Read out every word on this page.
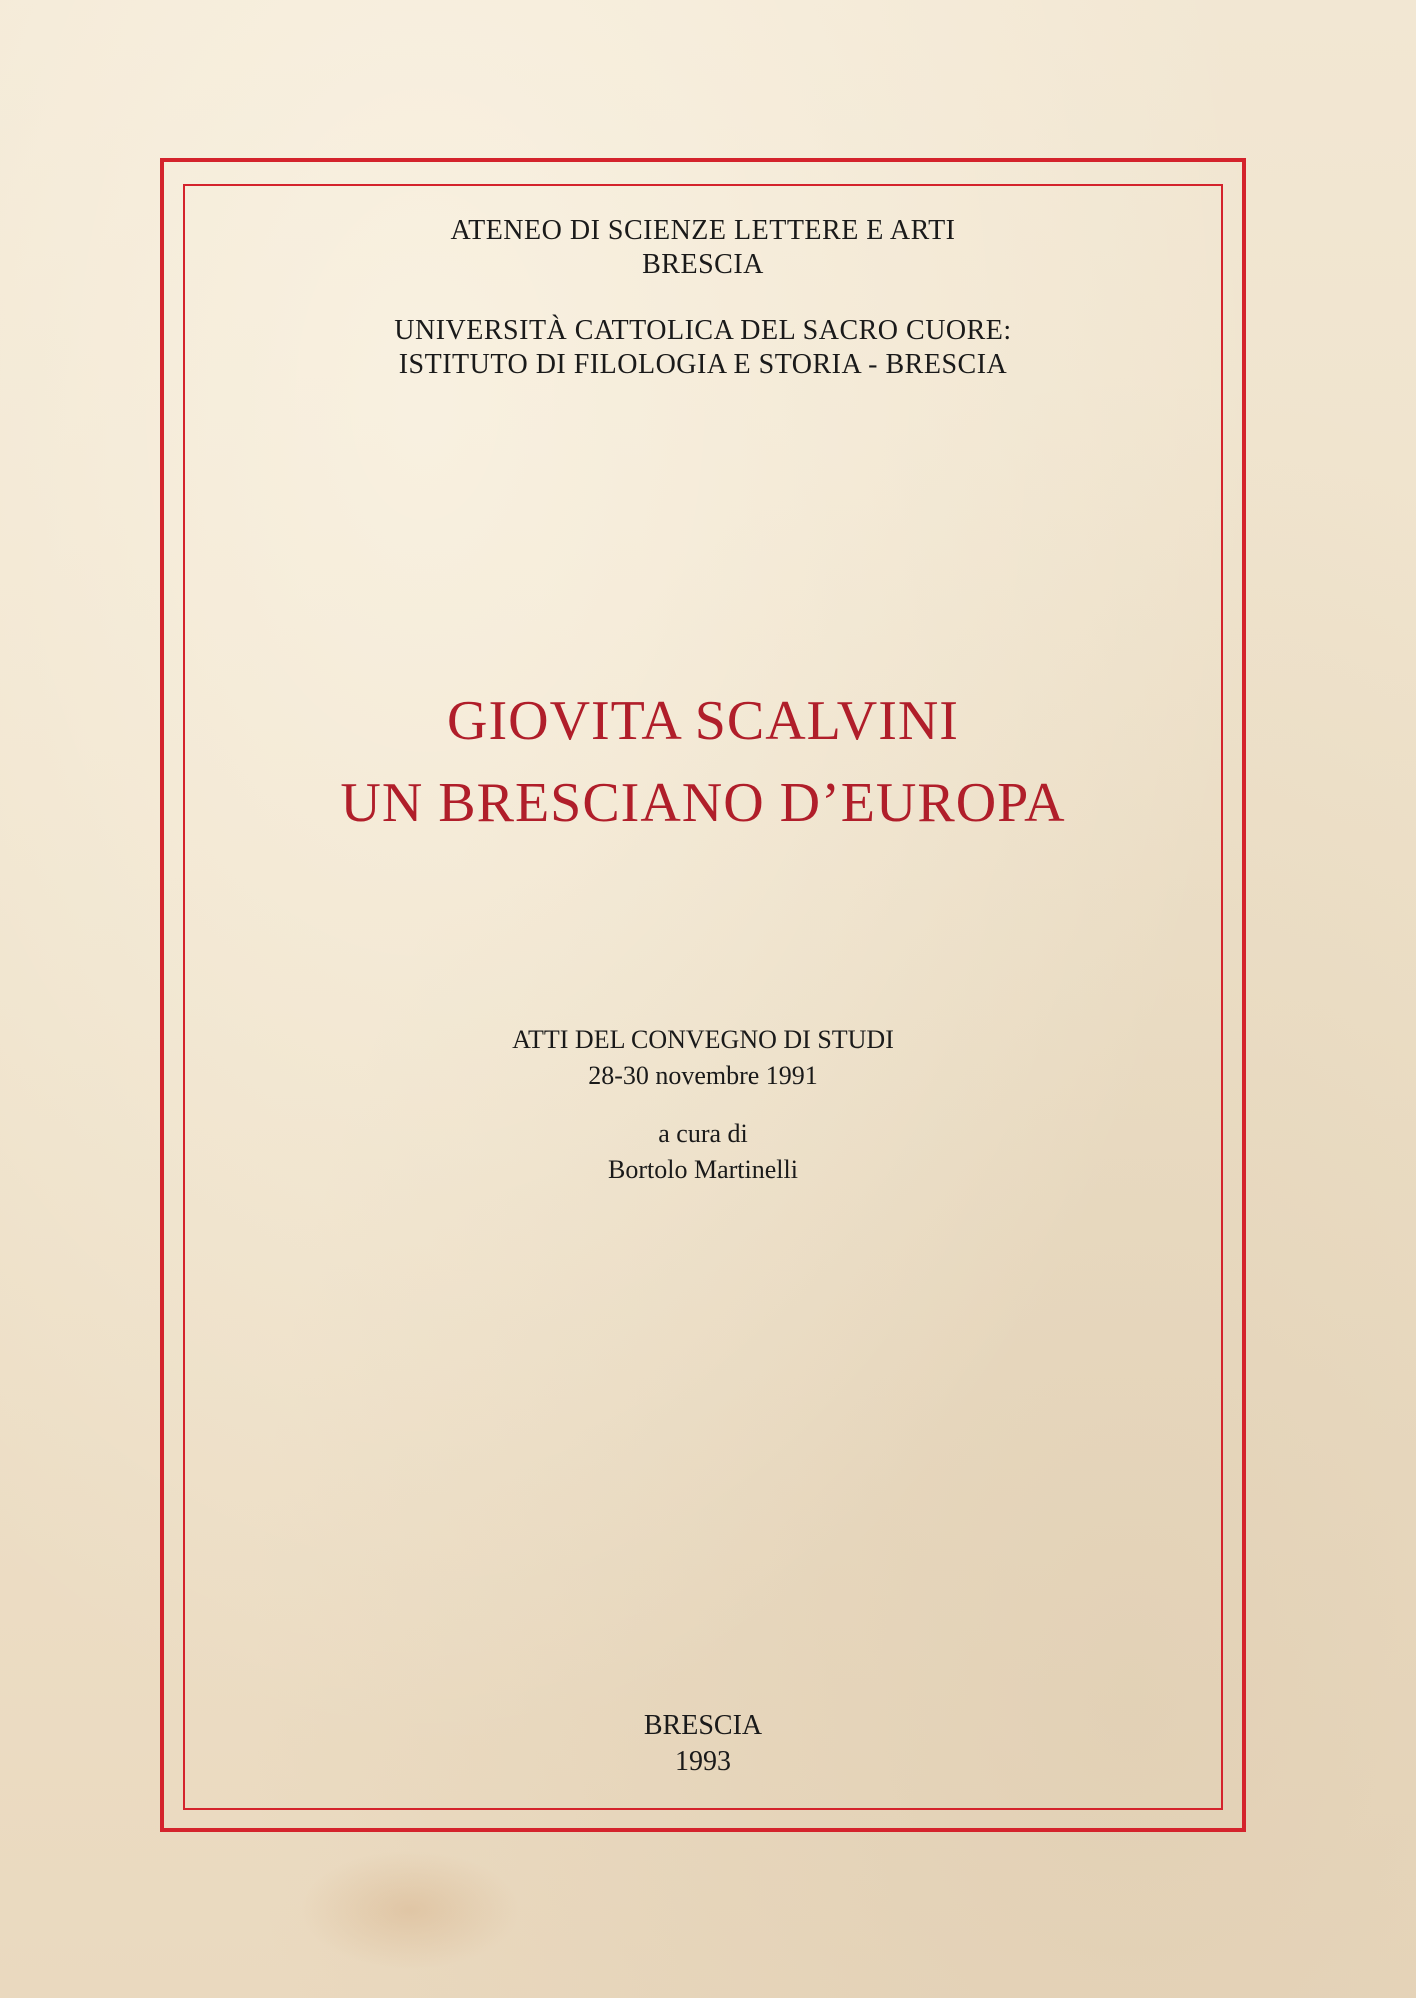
ATENEO DI SCIENZE LETTERE E ARTI
BRESCIA
UNIVERSITÀ CATTOLICA DEL SACRO CUORE:
ISTITUTO DI FILOLOGIA E STORIA - BRESCIA
GIOVITA SCALVINI
UN BRESCIANO D’EUROPA
ATTI DEL CONVEGNO DI STUDI
28-30 novembre 1991
a cura di
Bortolo Martinelli
BRESCIA
1993
